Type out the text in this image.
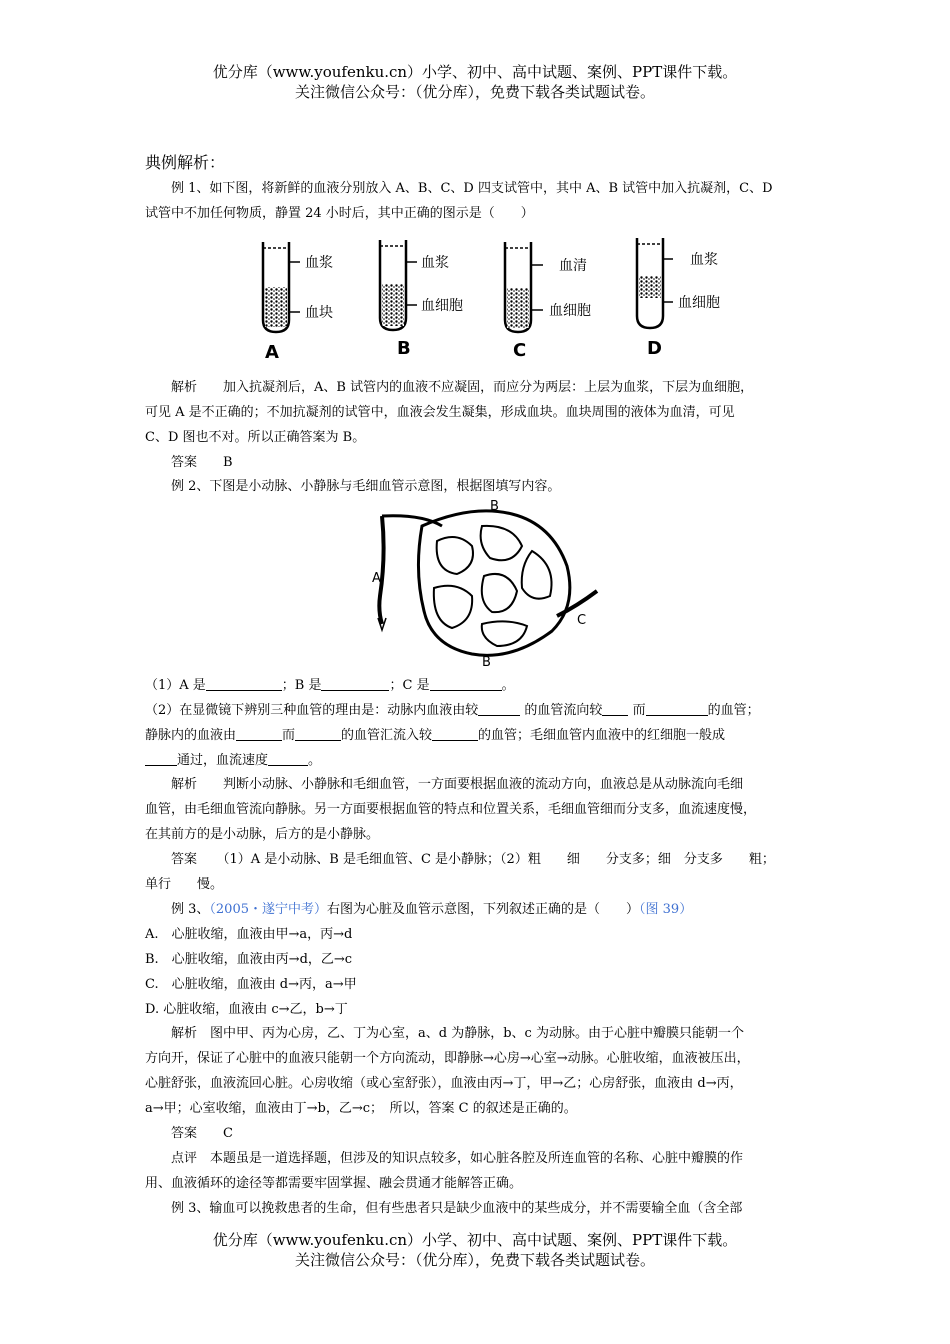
优分库（www.youfenku.cn）小学、初中、高中试题、案例、PPT课件下载。
关注微信公众号：（优分库），免费下载各类试题试卷。
典例解析：
例 1、如下图，将新鲜的血液分别放入 A、B、C、D 四支试管中，其中 A、B 试管中加入抗凝剂，C、D
试管中不加任何物质，静置 24 小时后，其中正确的图示是（　　）
血浆
血块
A
血浆
血细胞
B
血清
血细胞
C
血浆
血细胞
D
解析　　加入抗凝剂后，A、B 试管内的血液不应凝固，而应分为两层：上层为血浆，下层为血细胞，
可见 A 是不正确的；不加抗凝剂的试管中，血液会发生凝集，形成血块。血块周围的液体为血清，可见
C、D 图也不对。所以正确答案为 B。
答案　　B
例 2、下图是小动脉、小静脉与毛细血管示意图，根据图填写内容。
A
B
B
C
（1）A 是	；B 是	；C 是	。
（2）在显微镜下辨别三种血管的理由是：动脉内血液由较	的血管流向较 而	的血管；
静脉内的血液由	而	的血管汇流入较	的血管；毛细血管内血液中的红细胞一般成
通过，血流速度	。
解析　　判断小动脉、小静脉和毛细血管，一方面要根据血液的流动方向，血液总是从动脉流向毛细
血管，由毛细血管流向静脉。另一方面要根据血管的特点和位置关系，毛细血管细而分支多，血流速度慢，
在其前方的是小动脉，后方的是小静脉。
答案　　（1）A 是小动脉、B 是毛细血管、C 是小静脉；（2）粗　　细　　分支多；细　分支多　　粗；
单行　　慢。
例 3、（2005・遂宁中考）右图为心脏及血管示意图，下列叙述正确的是（　　）（图 39）
A.　心脏收缩，血液由甲→a，丙→d
B.　心脏收缩，血液由丙→d，乙→c
C.　心脏收缩，血液由 d→丙，a→甲
D. 心脏收缩，血液由 c→乙，b→丁
解析　图中甲、丙为心房，乙、丁为心室，a、d 为静脉，b、c 为动脉。由于心脏中瓣膜只能朝一个
方向开，保证了心脏中的血液只能朝一个方向流动，即静脉→心房→心室→动脉。心脏收缩，血液被压出，
心脏舒张，血液流回心脏。心房收缩（或心室舒张），血液由丙→丁，甲→乙；心房舒张，血液由 d→丙，
a→甲；心室收缩，血液由丁→b，乙→c；　所以，答案 C 的叙述是正确的。
答案　　C
点评　本题虽是一道选择题，但涉及的知识点较多，如心脏各腔及所连血管的名称、心脏中瓣膜的作
用、血液循环的途径等都需要牢固掌握、融会贯通才能解答正确。
例 3、输血可以挽救患者的生命，但有些患者只是缺少血液中的某些成分，并不需要输全血（含全部
优分库（www.youfenku.cn）小学、初中、高中试题、案例、PPT课件下载。
关注微信公众号：（优分库），免费下载各类试题试卷。
